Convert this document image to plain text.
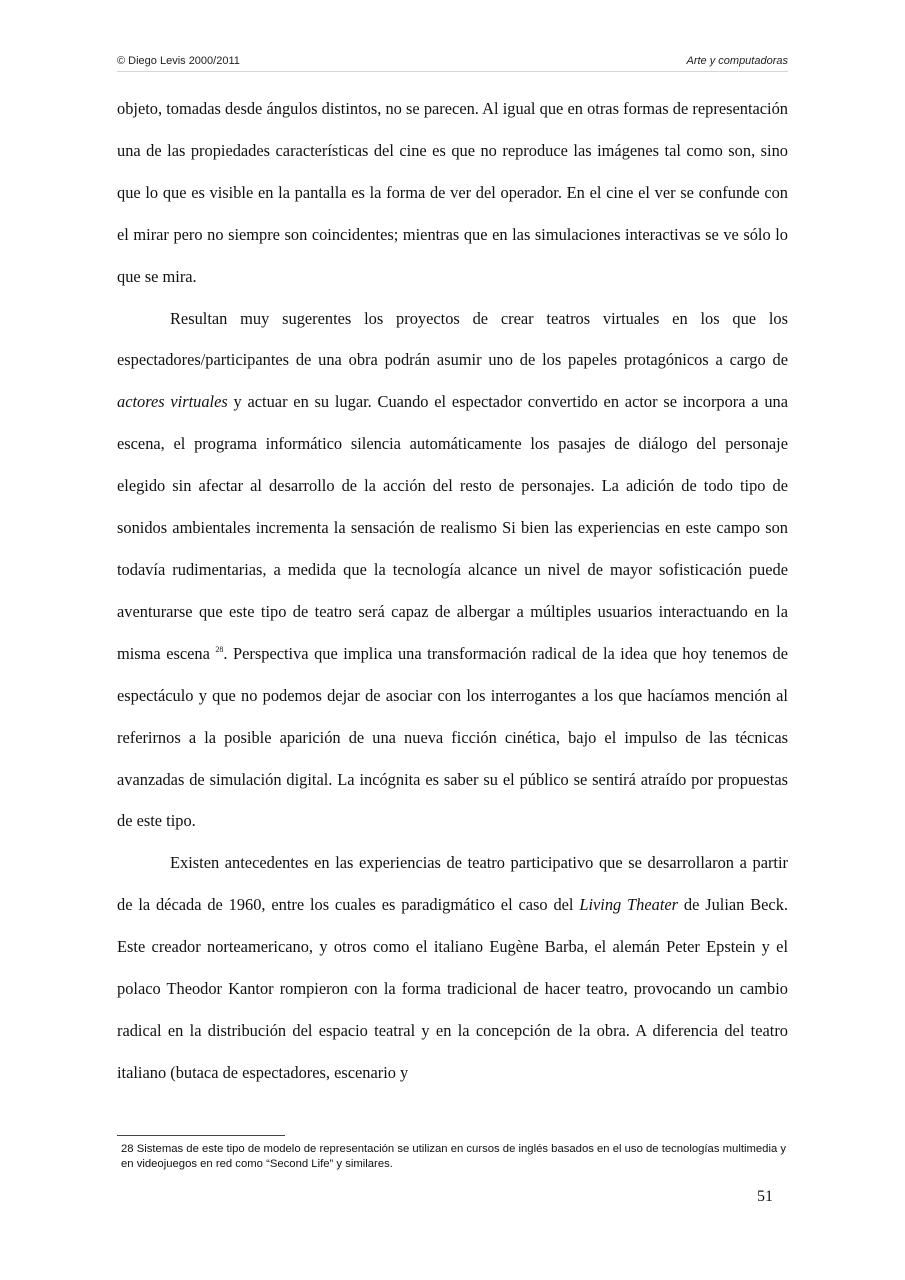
© Diego Levis 2000/2011	Arte y computadoras

objeto, tomadas desde ángulos distintos, no se parecen. Al igual que en otras formas de representación una de las propiedades características del cine es que no reproduce las imágenes tal como son, sino que lo que es visible en la pantalla es la forma de ver del operador. En el cine el ver se confunde con el mirar pero no siempre son coincidentes; mientras que en las simulaciones interactivas se ve sólo lo que se mira.

Resultan muy sugerentes los proyectos de crear teatros virtuales en los que los espectadores/participantes de una obra podrán asumir uno de los papeles protagónicos a cargo de actores virtuales y actuar en su lugar. Cuando el espectador convertido en actor se incorpora a una escena, el programa informático silencia automáticamente los pasajes de diálogo del personaje elegido sin afectar al desarrollo de la acción del resto de personajes. La adición de todo tipo de sonidos ambientales incrementa la sensación de realismo Si bien las experiencias en este campo son todavía rudimentarias, a medida que la tecnología alcance un nivel de mayor sofisticación puede aventurarse que este tipo de teatro será capaz de albergar a múltiples usuarios interactuando en la misma escena $^{28}$. Perspectiva que implica una transformación radical de la idea que hoy tenemos de espectáculo y que no podemos dejar de asociar con los interrogantes a los que hacíamos mención al referirnos a la posible aparición de una nueva ficción cinética, bajo el impulso de las técnicas avanzadas de simulación digital. La incógnita es saber su el público se sentirá atraído por propuestas de este tipo.

Existen antecedentes en las experiencias de teatro participativo que se desarrollaron a partir de la década de 1960, entre los cuales es paradigmático el caso del Living Theater de Julian Beck. Este creador norteamericano, y otros como el italiano Eugène Barba, el alemán Peter Epstein y el polaco Theodor Kantor rompieron con la forma tradicional de hacer teatro, provocando un cambio radical en la distribución del espacio teatral y en la concepción de la obra. A diferencia del teatro italiano (butaca de espectadores, escenario y

28 Sistemas de este tipo de modelo de representación se utilizan en cursos de inglés basados en el uso de tecnologías multimedia y en videojuegos en red como “Second Life” y similares.
51
